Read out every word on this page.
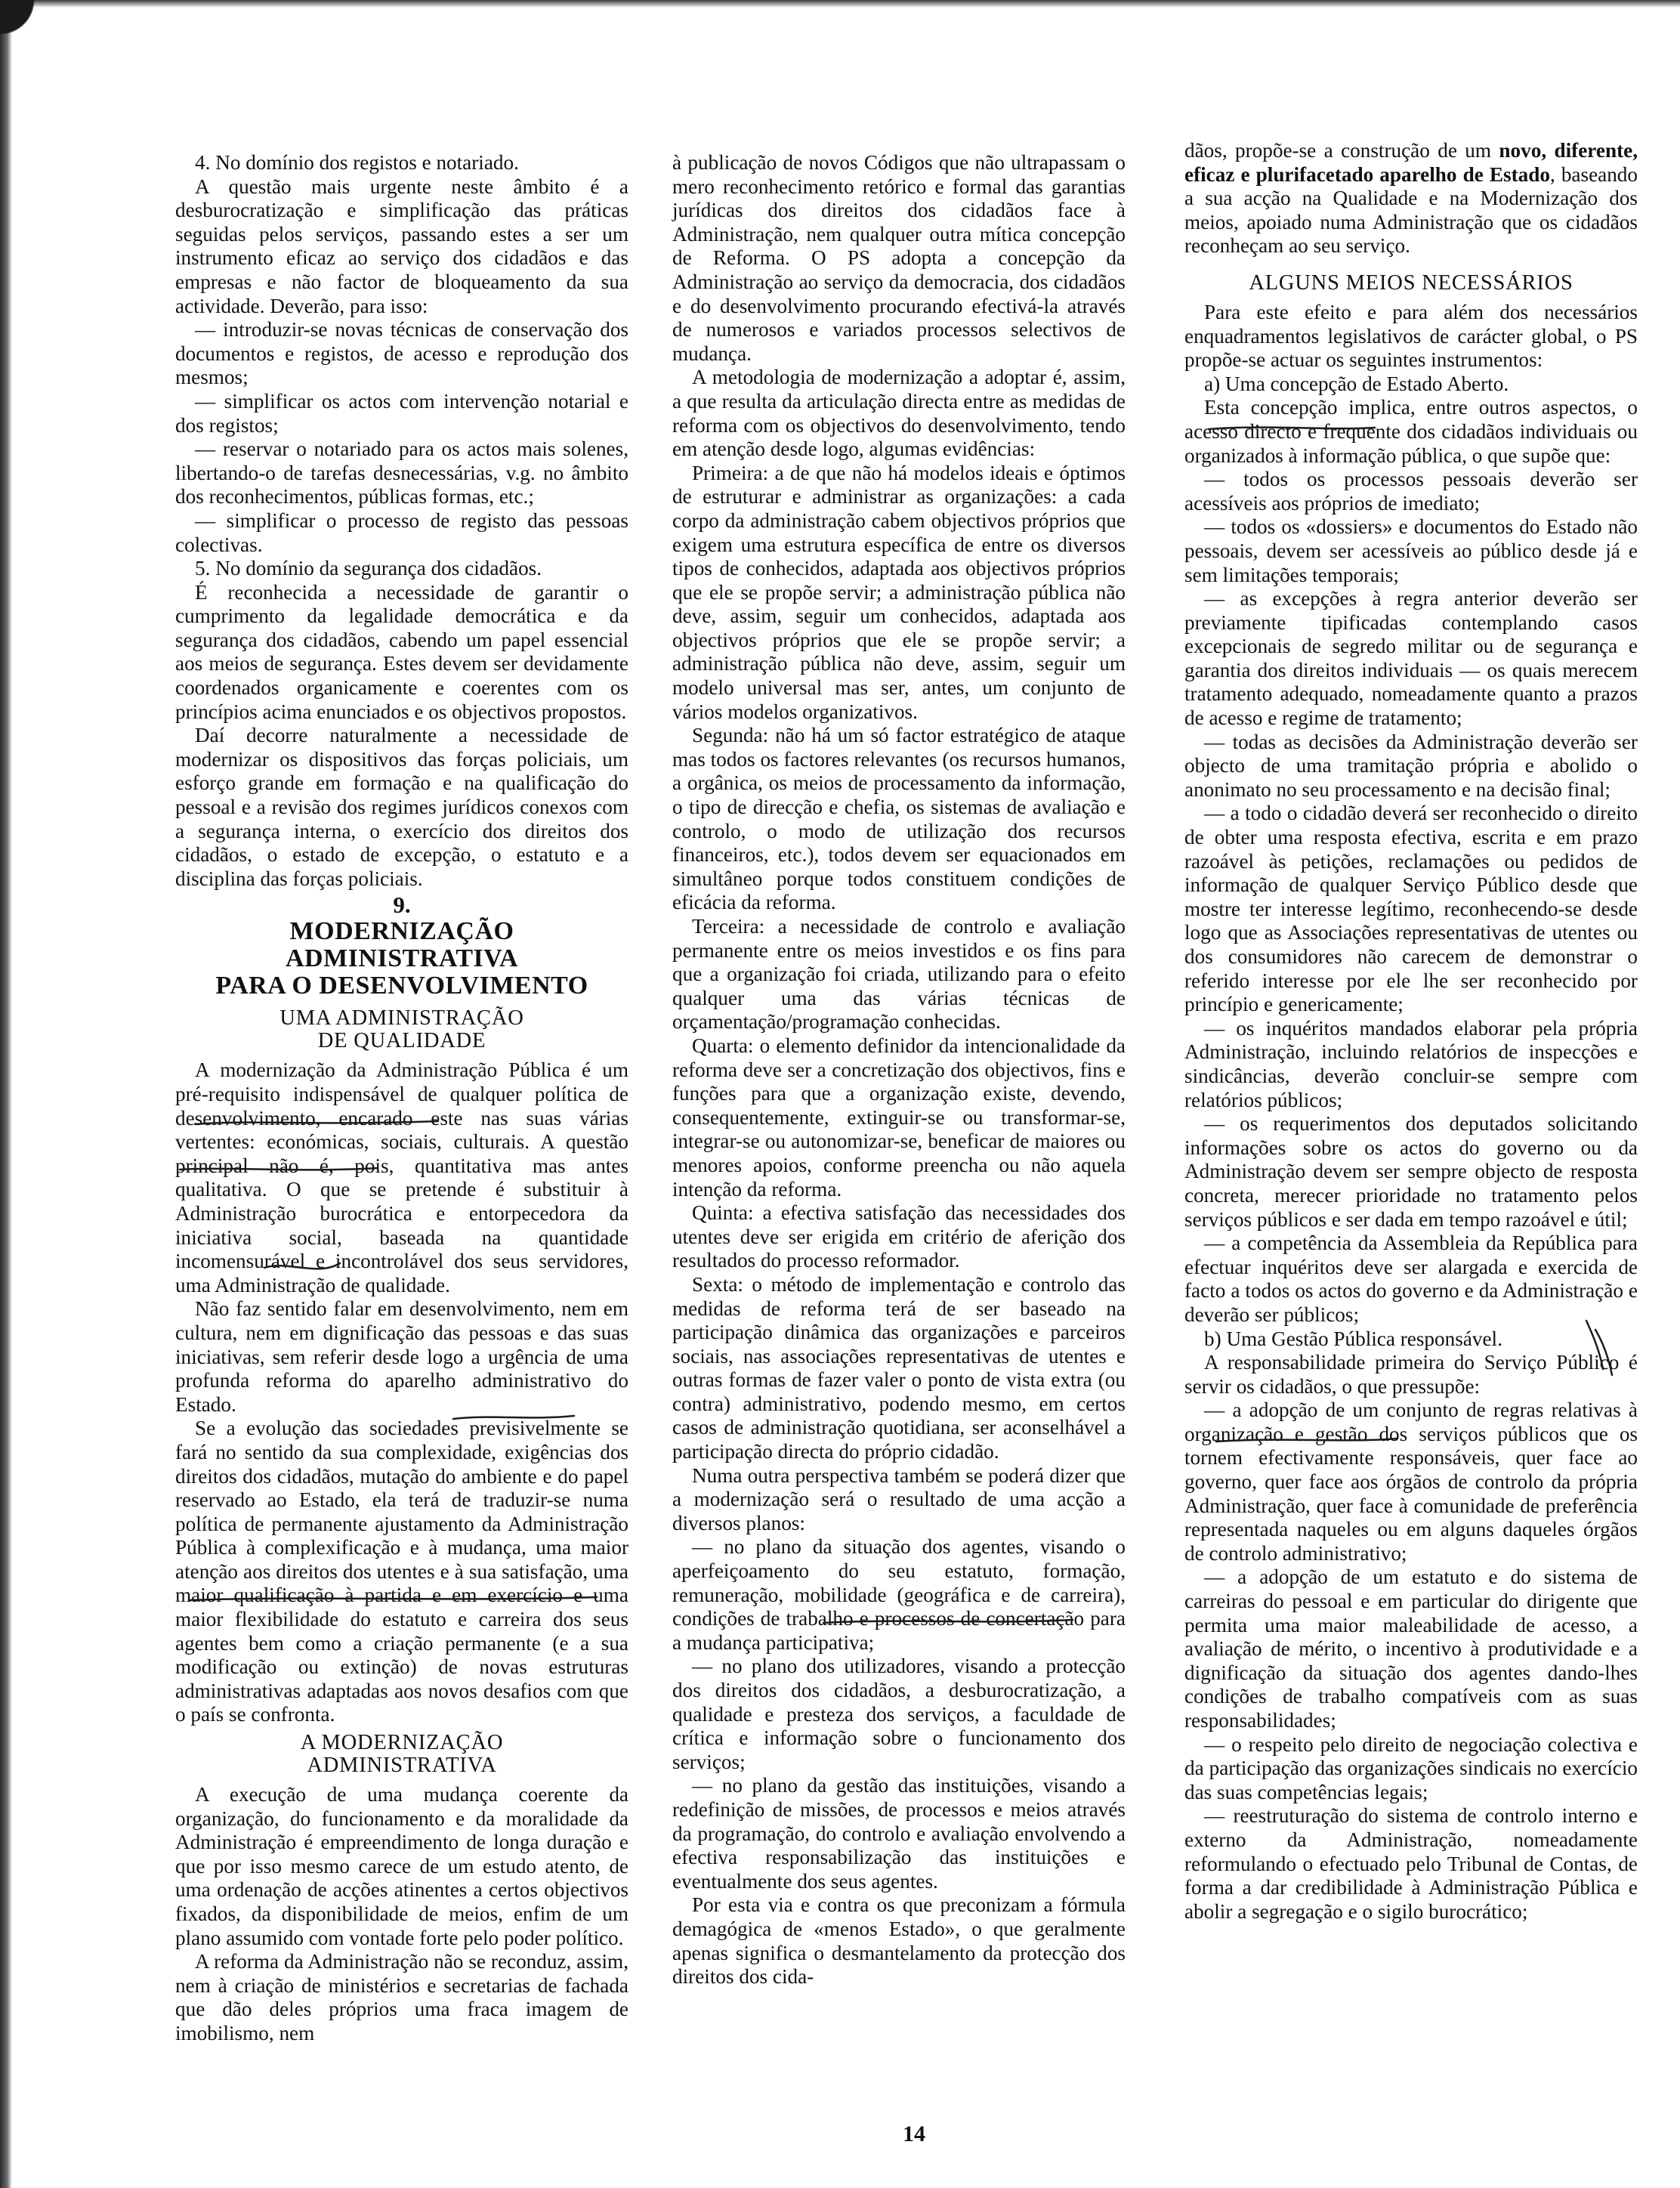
4. No domínio dos registos e notariado.

A questão mais urgente neste âmbito é a desburocratização e simplificação das práticas seguidas pelos serviços, passando estes a ser um instrumento eficaz ao serviço dos cidadãos e das empresas e não factor de bloqueamento da sua actividade. Deverão, para isso:

— introduzir-se novas técnicas de conservação dos documentos e registos, de acesso e reprodução dos mesmos;

— simplificar os actos com intervenção notarial e dos registos;

— reservar o notariado para os actos mais solenes, libertando-o de tarefas desnecessárias, v.g. no âmbito dos reconhecimentos, públicas formas, etc.;

— simplificar o processo de registo das pessoas colectivas.

5. No domínio da segurança dos cidadãos.

É reconhecida a necessidade de garantir o cumprimento da legalidade democrática e da segurança dos cidadãos, cabendo um papel essencial aos meios de segurança. Estes devem ser devidamente coordenados organicamente e coerentes com os princípios acima enunciados e os objectivos propostos.

Daí decorre naturalmente a necessidade de modernizar os dispositivos das forças policiais, um esforço grande em formação e na qualificação do pessoal e a revisão dos regimes jurídicos conexos com a segurança interna, o exercício dos direitos dos cidadãos, o estado de excepção, o estatuto e a disciplina das forças policiais.

9.
MODERNIZAÇÃO
ADMINISTRATIVA
PARA O DESENVOLVIMENTO
UMA ADMINISTRAÇÃO
DE QUALIDADE

A modernização da Administração Pública é um pré-requisito indispensável de qualquer política de desenvolvimento, encarado este nas suas várias vertentes: económicas, sociais, culturais. A questão principal não é, pois, quantitativa mas antes qualitativa. O que se pretende é substituir à Administração burocrática e entorpecedora da iniciativa social, baseada na quantidade incomensurável e incontrolável dos seus servidores, uma Administração de qualidade.

Não faz sentido falar em desenvolvimento, nem em cultura, nem em dignificação das pessoas e das suas iniciativas, sem referir desde logo a urgência de uma profunda reforma do aparelho administrativo do Estado.

Se a evolução das sociedades previsivelmente se fará no sentido da sua complexidade, exigências dos direitos dos cidadãos, mutação do ambiente e do papel reservado ao Estado, ela terá de traduzir-se numa política de permanente ajustamento da Administração Pública à complexificação e à mudança, uma maior atenção aos direitos dos utentes e à sua satisfação, uma maior qualificação à partida e em exercício e uma maior flexibilidade do estatuto e carreira dos seus agentes bem como a criação permanente (e a sua modificação ou extinção) de novas estruturas administrativas adaptadas aos novos desafios com que o país se confronta.

A MODERNIZAÇÃO
ADMINISTRATIVA

A execução de uma mudança coerente da organização, do funcionamento e da moralidade da Administração é empreendimento de longa duração e que por isso mesmo carece de um estudo atento, de uma ordenação de acções atinentes a certos objectivos fixados, da disponibilidade de meios, enfim de um plano assumido com vontade forte pelo poder político.

A reforma da Administração não se reconduz, assim, nem à criação de ministérios e secretarias de fachada que dão deles próprios uma fraca imagem de imobilismo, nem

à publicação de novos Códigos que não ultrapassam o mero reconhecimento retórico e formal das garantias jurídicas dos direitos dos cidadãos face à Administração, nem qualquer outra mítica concepção de Reforma. O PS adopta a concepção da Administração ao serviço da democracia, dos cidadãos e do desenvolvimento procurando efectivá-la através de numerosos e variados processos selectivos de mudança.

A metodologia de modernização a adoptar é, assim, a que resulta da articulação directa entre as medidas de reforma com os objectivos do desenvolvimento, tendo em atenção desde logo, algumas evidências:

Primeira: a de que não há modelos ideais e óptimos de estruturar e administrar as organizações: a cada corpo da administração cabem objectivos próprios que exigem uma estrutura específica de entre os diversos tipos de conhecidos, adaptada aos objectivos próprios que ele se propõe servir; a administração pública não deve, assim, seguir um conhecidos, adaptada aos objectivos próprios que ele se propõe servir; a administração pública não deve, assim, seguir um modelo universal mas ser, antes, um conjunto de vários modelos organizativos.

Segunda: não há um só factor estratégico de ataque mas todos os factores relevantes (os recursos humanos, a orgânica, os meios de processamento da informação, o tipo de direcção e chefia, os sistemas de avaliação e controlo, o modo de utilização dos recursos financeiros, etc.), todos devem ser equacionados em simultâneo porque todos constituem condições de eficácia da reforma.

Terceira: a necessidade de controlo e avaliação permanente entre os meios investidos e os fins para que a organização foi criada, utilizando para o efeito qualquer uma das várias técnicas de orçamentação/programação conhecidas.

Quarta: o elemento definidor da intencionalidade da reforma deve ser a concretização dos objectivos, fins e funções para que a organização existe, devendo, consequentemente, extinguir-se ou transformar-se, integrar-se ou autonomizar-se, beneficar de maiores ou menores apoios, conforme preencha ou não aquela intenção da reforma.

Quinta: a efectiva satisfação das necessidades dos utentes deve ser erigida em critério de aferição dos resultados do processo reformador.

Sexta: o método de implementação e controlo das medidas de reforma terá de ser baseado na participação dinâmica das organizações e parceiros sociais, nas associações representativas de utentes e outras formas de fazer valer o ponto de vista extra (ou contra) administrativo, podendo mesmo, em certos casos de administração quotidiana, ser aconselhável a participação directa do próprio cidadão.

Numa outra perspectiva também se poderá dizer que a modernização será o resultado de uma acção a diversos planos:

— no plano da situação dos agentes, visando o aperfeiçoamento do seu estatuto, formação, remuneração, mobilidade (geográfica e de carreira), condições de trabalho e processos de concertação para a mudança participativa;

— no plano dos utilizadores, visando a protecção dos direitos dos cidadãos, a desburocratização, a qualidade e presteza dos serviços, a faculdade de crítica e informação sobre o funcionamento dos serviços;

— no plano da gestão das instituições, visando a redefinição de missões, de processos e meios através da programação, do controlo e avaliação envolvendo a efectiva responsabilização das instituições e eventualmente dos seus agentes.

Por esta via e contra os que preconizam a fórmula demagógica de «menos Estado», o que geralmente apenas significa o desmantelamento da protecção dos direitos dos cida-

dãos, propõe-se a construção de um novo, diferente, eficaz e plurifacetado aparelho de Estado, baseando a sua acção na Qualidade e na Modernização dos meios, apoiado numa Administração que os cidadãos reconheçam ao seu serviço.

ALGUNS MEIOS NECESSÁRIOS

Para este efeito e para além dos necessários enquadramentos legislativos de carácter global, o PS propõe-se actuar os seguintes instrumentos:

a) Uma concepção de Estado Aberto.

Esta concepção implica, entre outros aspectos, o acesso directo e frequente dos cidadãos individuais ou organizados à informação pública, o que supõe que:

— todos os processos pessoais deverão ser acessíveis aos próprios de imediato;

— todos os «dossiers» e documentos do Estado não pessoais, devem ser acessíveis ao público desde já e sem limitações temporais;

— as excepções à regra anterior deverão ser previamente tipificadas contemplando casos excepcionais de segredo militar ou de segurança e garantia dos direitos individuais — os quais merecem tratamento adequado, nomeadamente quanto a prazos de acesso e regime de tratamento;

— todas as decisões da Administração deverão ser objecto de uma tramitação própria e abolido o anonimato no seu processamento e na decisão final;

— a todo o cidadão deverá ser reconhecido o direito de obter uma resposta efectiva, escrita e em prazo razoável às petições, reclamações ou pedidos de informação de qualquer Serviço Público desde que mostre ter interesse legítimo, reconhecendo-se desde logo que as Associações representativas de utentes ou dos consumidores não carecem de demonstrar o referido interesse por ele lhe ser reconhecido por princípio e genericamente;

— os inquéritos mandados elaborar pela própria Administração, incluindo relatórios de inspecções e sindicâncias, deverão concluir-se sempre com relatórios públicos;

— os requerimentos dos deputados solicitando informações sobre os actos do governo ou da Administração devem ser sempre objecto de resposta concreta, merecer prioridade no tratamento pelos serviços públicos e ser dada em tempo razoável e útil;

— a competência da Assembleia da República para efectuar inquéritos deve ser alargada e exercida de facto a todos os actos do governo e da Administração e deverão ser públicos;

b) Uma Gestão Pública responsável.

A responsabilidade primeira do Serviço Público é servir os cidadãos, o que pressupõe:

— a adopção de um conjunto de regras relativas à organização e gestão dos serviços públicos que os tornem efectivamente responsáveis, quer face ao governo, quer face aos órgãos de controlo da própria Administração, quer face à comunidade de preferência representada naqueles ou em alguns daqueles órgãos de controlo administrativo;

— a adopção de um estatuto e do sistema de carreiras do pessoal e em particular do dirigente que permita uma maior maleabilidade de acesso, a avaliação de mérito, o incentivo à produtividade e a dignificação da situação dos agentes dando-lhes condições de trabalho compatíveis com as suas responsabilidades;

— o respeito pelo direito de negociação colectiva e da participação das organizações sindicais no exercício das suas competências legais;

— reestruturação do sistema de controlo interno e externo da Administração, nomeadamente reformulando o efectuado pelo Tribunal de Contas, de forma a dar credibilidade à Administração Pública e abolir a segregação e o sigilo burocrático;

14
